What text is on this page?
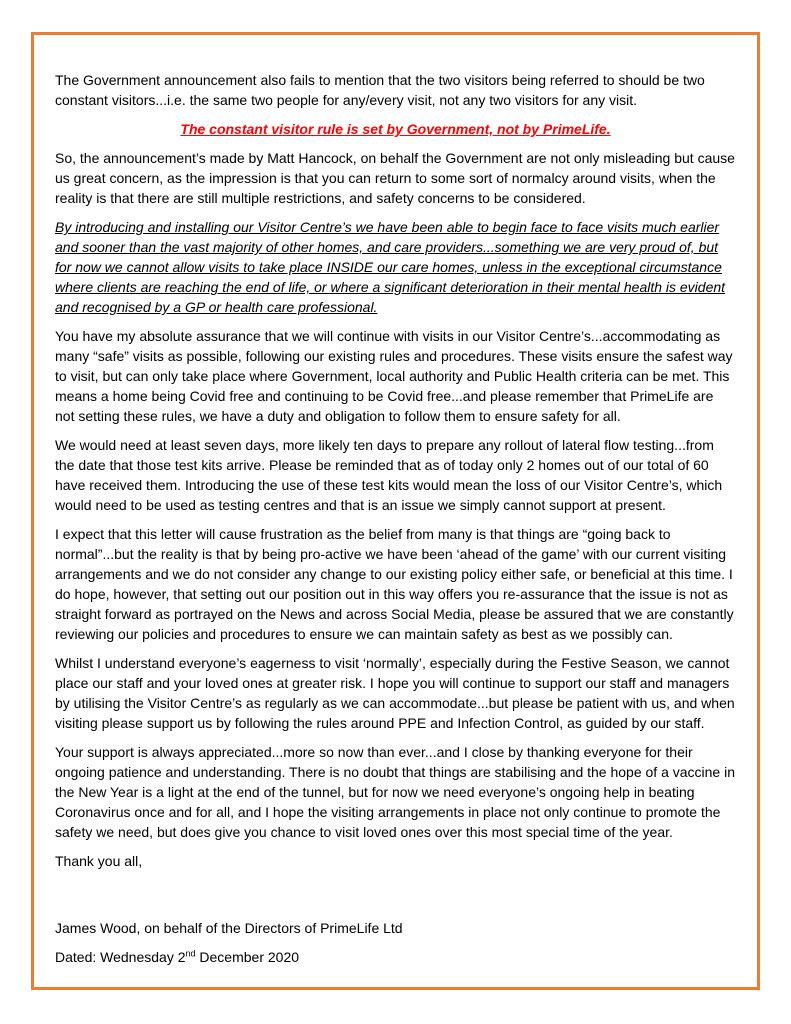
The Government announcement also fails to mention that the two visitors being referred to should be two constant visitors...i.e. the same two people for any/every visit, not any two visitors for any visit.

The constant visitor rule is set by Government, not by PrimeLife.

So, the announcement’s made by Matt Hancock, on behalf the Government are not only misleading but cause us great concern, as the impression is that you can return to some sort of normalcy around visits, when the reality is that there are still multiple restrictions, and safety concerns to be considered.

By introducing and installing our Visitor Centre’s we have been able to begin face to face visits much earlier and sooner than the vast majority of other homes, and care providers...something we are very proud of, but for now we cannot allow visits to take place INSIDE our care homes, unless in the exceptional circumstance where clients are reaching the end of life, or where a significant deterioration in their mental health is evident and recognised by a GP or health care professional.

You have my absolute assurance that we will continue with visits in our Visitor Centre’s...accommodating as many “safe” visits as possible, following our existing rules and procedures. These visits ensure the safest way to visit, but can only take place where Government, local authority and Public Health criteria can be met. This means a home being Covid free and continuing to be Covid free...and please remember that PrimeLife are not setting these rules, we have a duty and obligation to follow them to ensure safety for all.

We would need at least seven days, more likely ten days to prepare any rollout of lateral flow testing...from the date that those test kits arrive. Please be reminded that as of today only 2 homes out of our total of 60 have received them. Introducing the use of these test kits would mean the loss of our Visitor Centre’s, which would need to be used as testing centres and that is an issue we simply cannot support at present.

I expect that this letter will cause frustration as the belief from many is that things are “going back to normal”...but the reality is that by being pro-active we have been ‘ahead of the game’ with our current visiting arrangements and we do not consider any change to our existing policy either safe, or beneficial at this time. I do hope, however, that setting out our position out in this way offers you re-assurance that the issue is not as straight forward as portrayed on the News and across Social Media, please be assured that we are constantly reviewing our policies and procedures to ensure we can maintain safety as best as we possibly can.

Whilst I understand everyone’s eagerness to visit ‘normally’, especially during the Festive Season, we cannot place our staff and your loved ones at greater risk. I hope you will continue to support our staff and managers by utilising the Visitor Centre’s as regularly as we can accommodate...but please be patient with us, and when visiting please support us by following the rules around PPE and Infection Control, as guided by our staff.

Your support is always appreciated...more so now than ever...and I close by thanking everyone for their ongoing patience and understanding. There is no doubt that things are stabilising and the hope of a vaccine in the New Year is a light at the end of the tunnel, but for now we need everyone’s ongoing help in beating Coronavirus once and for all, and I hope the visiting arrangements in place not only continue to promote the safety we need, but does give you chance to visit loved ones over this most special time of the year.

Thank you all,

James Wood, on behalf of the Directors of PrimeLife Ltd

Dated: Wednesday 2nd December 2020
